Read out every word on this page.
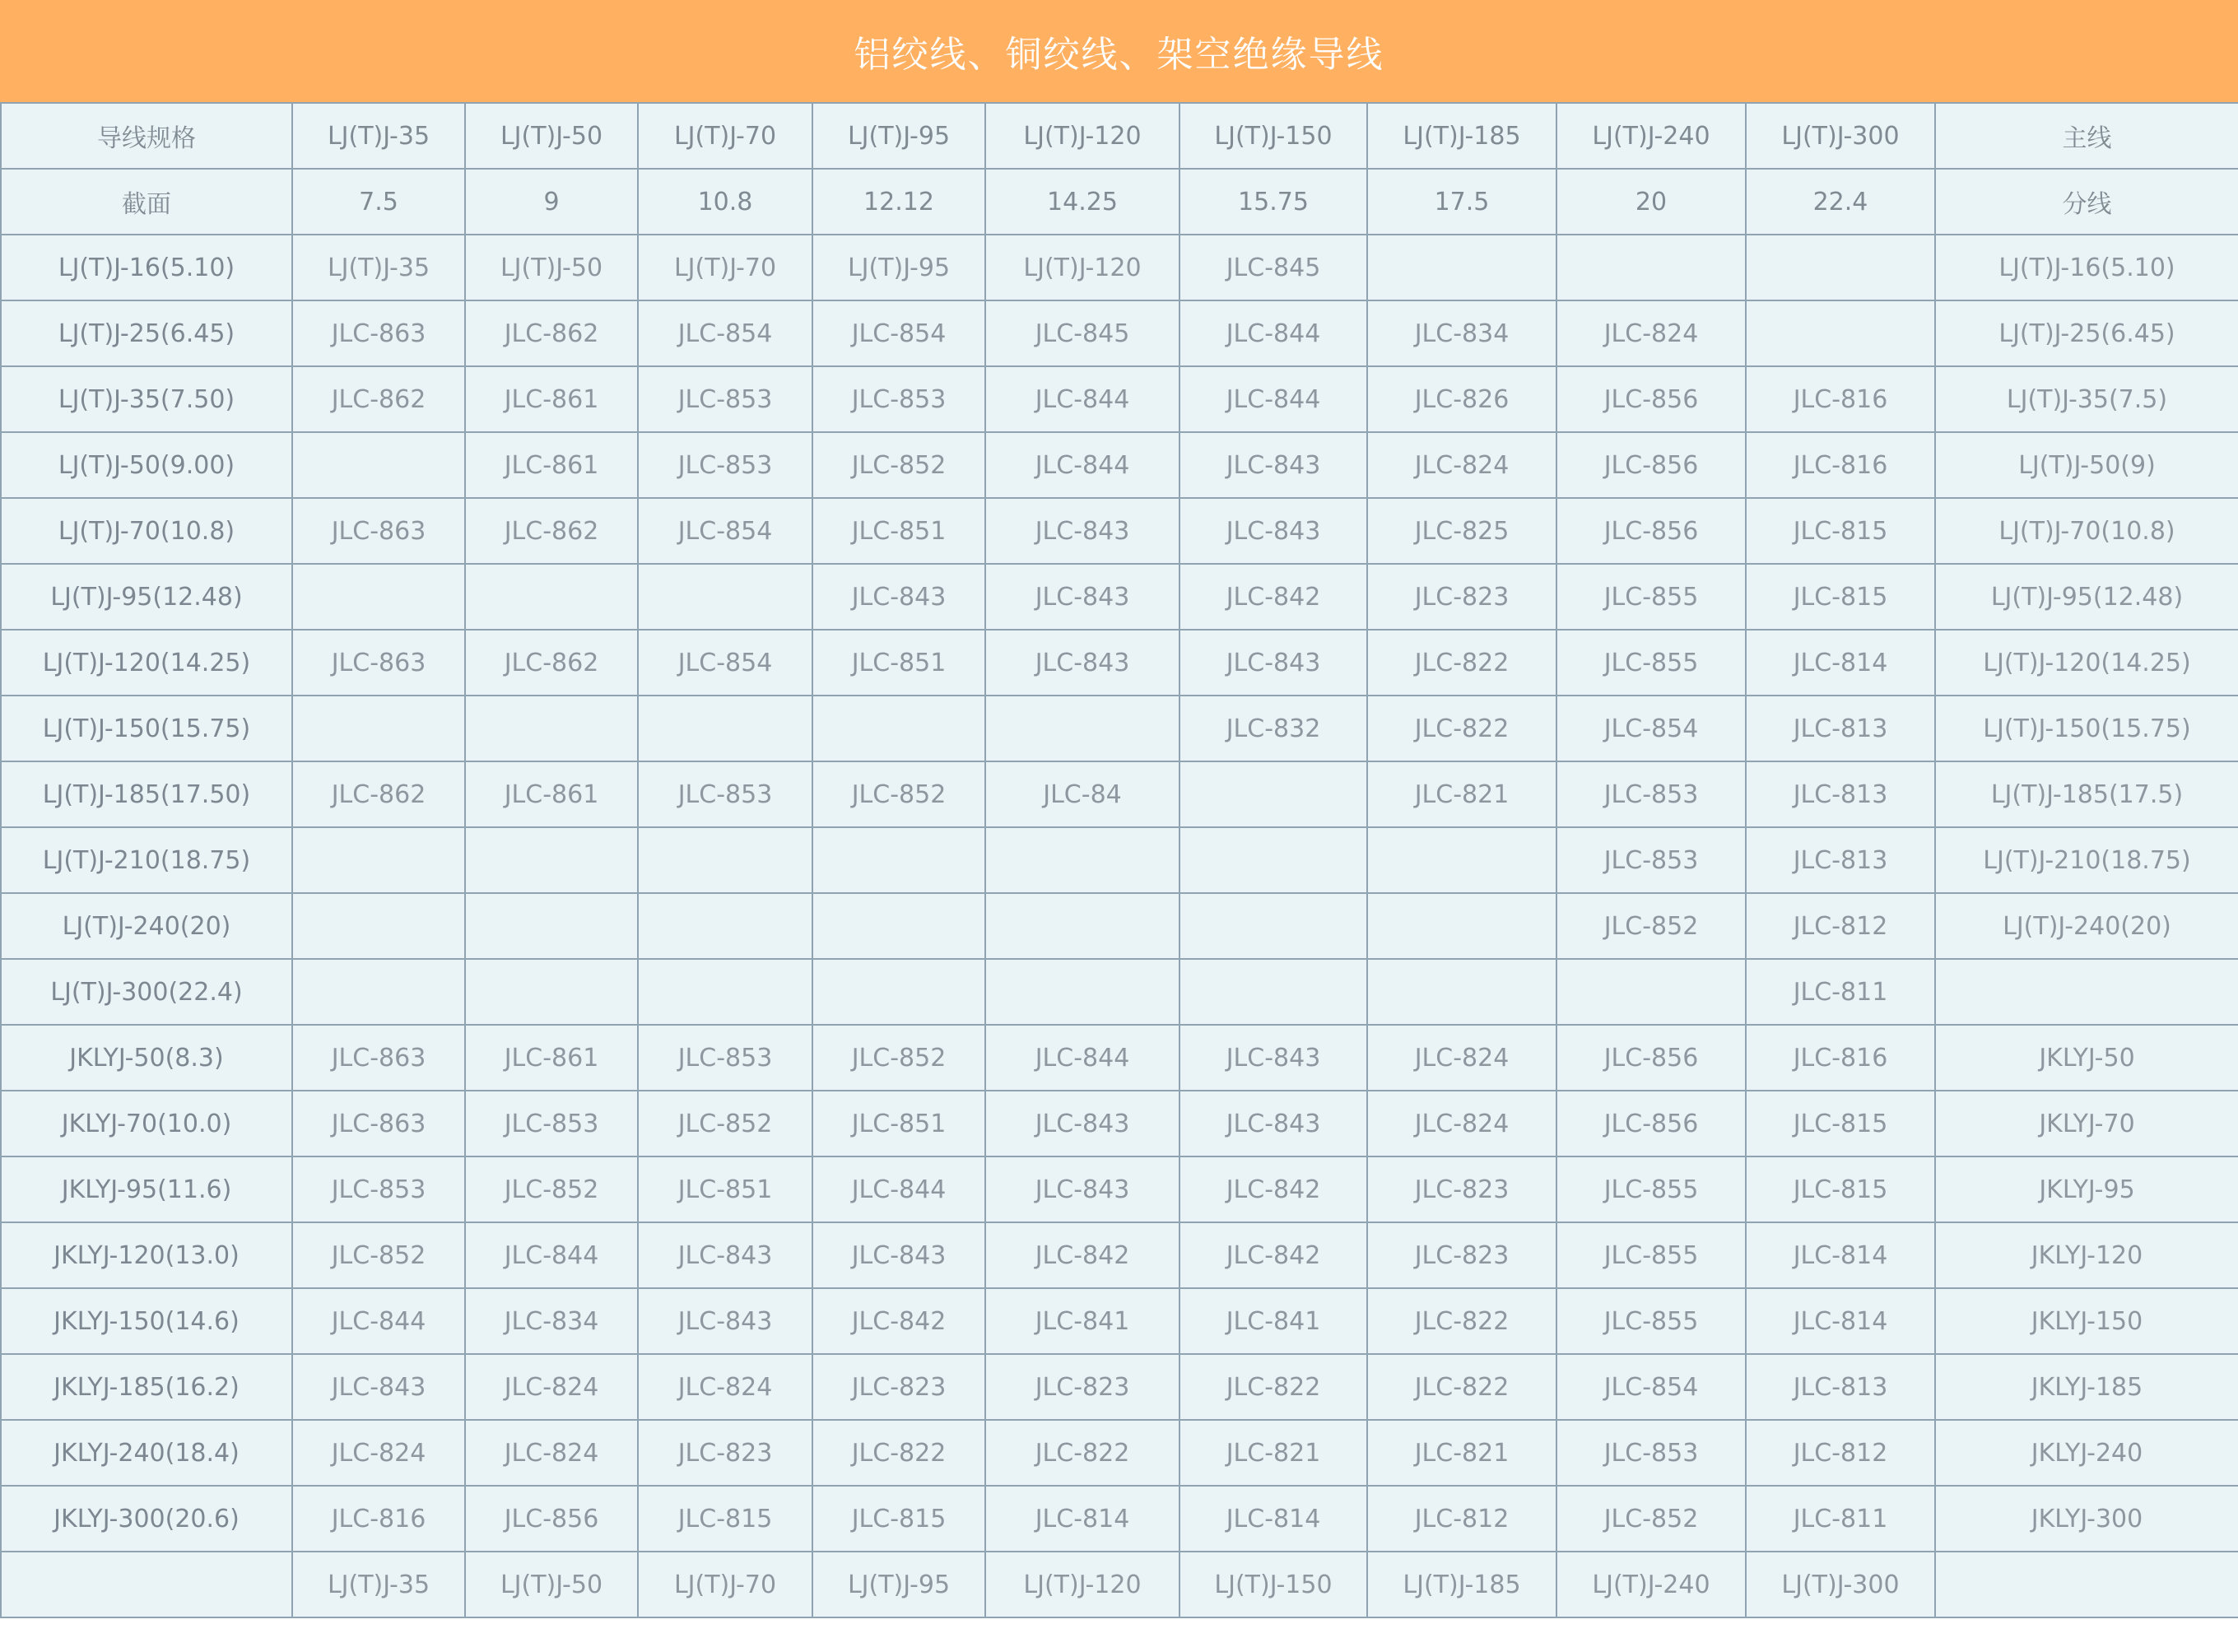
铝绞线、铜绞线、架空绝缘导线
导线规格	LJ(T)J-35	LJ(T)J-50	LJ(T)J-70	LJ(T)J-95	LJ(T)J-120	LJ(T)J-150	LJ(T)J-185	LJ(T)J-240	LJ(T)J-300	主线
截面	7.5	9	10.8	12.12	14.25	15.75	17.5	20	22.4	分线
LJ(T)J-16(5.10)	LJ(T)J-35	LJ(T)J-50	LJ(T)J-70	LJ(T)J-95	LJ(T)J-120	JLC-845				LJ(T)J-16(5.10)
LJ(T)J-25(6.45)	JLC-863	JLC-862	JLC-854	JLC-854	JLC-845	JLC-844	JLC-834	JLC-824		LJ(T)J-25(6.45)
LJ(T)J-35(7.50)	JLC-862	JLC-861	JLC-853	JLC-853	JLC-844	JLC-844	JLC-826	JLC-856	JLC-816	LJ(T)J-35(7.5)
LJ(T)J-50(9.00)		JLC-861	JLC-853	JLC-852	JLC-844	JLC-843	JLC-824	JLC-856	JLC-816	LJ(T)J-50(9)
LJ(T)J-70(10.8)	JLC-863	JLC-862	JLC-854	JLC-851	JLC-843	JLC-843	JLC-825	JLC-856	JLC-815	LJ(T)J-70(10.8)
LJ(T)J-95(12.48)				JLC-843	JLC-843	JLC-842	JLC-823	JLC-855	JLC-815	LJ(T)J-95(12.48)
LJ(T)J-120(14.25)	JLC-863	JLC-862	JLC-854	JLC-851	JLC-843	JLC-843	JLC-822	JLC-855	JLC-814	LJ(T)J-120(14.25)
LJ(T)J-150(15.75)						JLC-832	JLC-822	JLC-854	JLC-813	LJ(T)J-150(15.75)
LJ(T)J-185(17.50)	JLC-862	JLC-861	JLC-853	JLC-852	JLC-84		JLC-821	JLC-853	JLC-813	LJ(T)J-185(17.5)
LJ(T)J-210(18.75)								JLC-853	JLC-813	LJ(T)J-210(18.75)
LJ(T)J-240(20)								JLC-852	JLC-812	LJ(T)J-240(20)
LJ(T)J-300(22.4)									JLC-811	
JKLYJ-50(8.3)	JLC-863	JLC-861	JLC-853	JLC-852	JLC-844	JLC-843	JLC-824	JLC-856	JLC-816	JKLYJ-50
JKLYJ-70(10.0)	JLC-863	JLC-853	JLC-852	JLC-851	JLC-843	JLC-843	JLC-824	JLC-856	JLC-815	JKLYJ-70
JKLYJ-95(11.6)	JLC-853	JLC-852	JLC-851	JLC-844	JLC-843	JLC-842	JLC-823	JLC-855	JLC-815	JKLYJ-95
JKLYJ-120(13.0)	JLC-852	JLC-844	JLC-843	JLC-843	JLC-842	JLC-842	JLC-823	JLC-855	JLC-814	JKLYJ-120
JKLYJ-150(14.6)	JLC-844	JLC-834	JLC-843	JLC-842	JLC-841	JLC-841	JLC-822	JLC-855	JLC-814	JKLYJ-150
JKLYJ-185(16.2)	JLC-843	JLC-824	JLC-824	JLC-823	JLC-823	JLC-822	JLC-822	JLC-854	JLC-813	JKLYJ-185
JKLYJ-240(18.4)	JLC-824	JLC-824	JLC-823	JLC-822	JLC-822	JLC-821	JLC-821	JLC-853	JLC-812	JKLYJ-240
JKLYJ-300(20.6)	JLC-816	JLC-856	JLC-815	JLC-815	JLC-814	JLC-814	JLC-812	JLC-852	JLC-811	JKLYJ-300
	LJ(T)J-35	LJ(T)J-50	LJ(T)J-70	LJ(T)J-95	LJ(T)J-120	LJ(T)J-150	LJ(T)J-185	LJ(T)J-240	LJ(T)J-300	
